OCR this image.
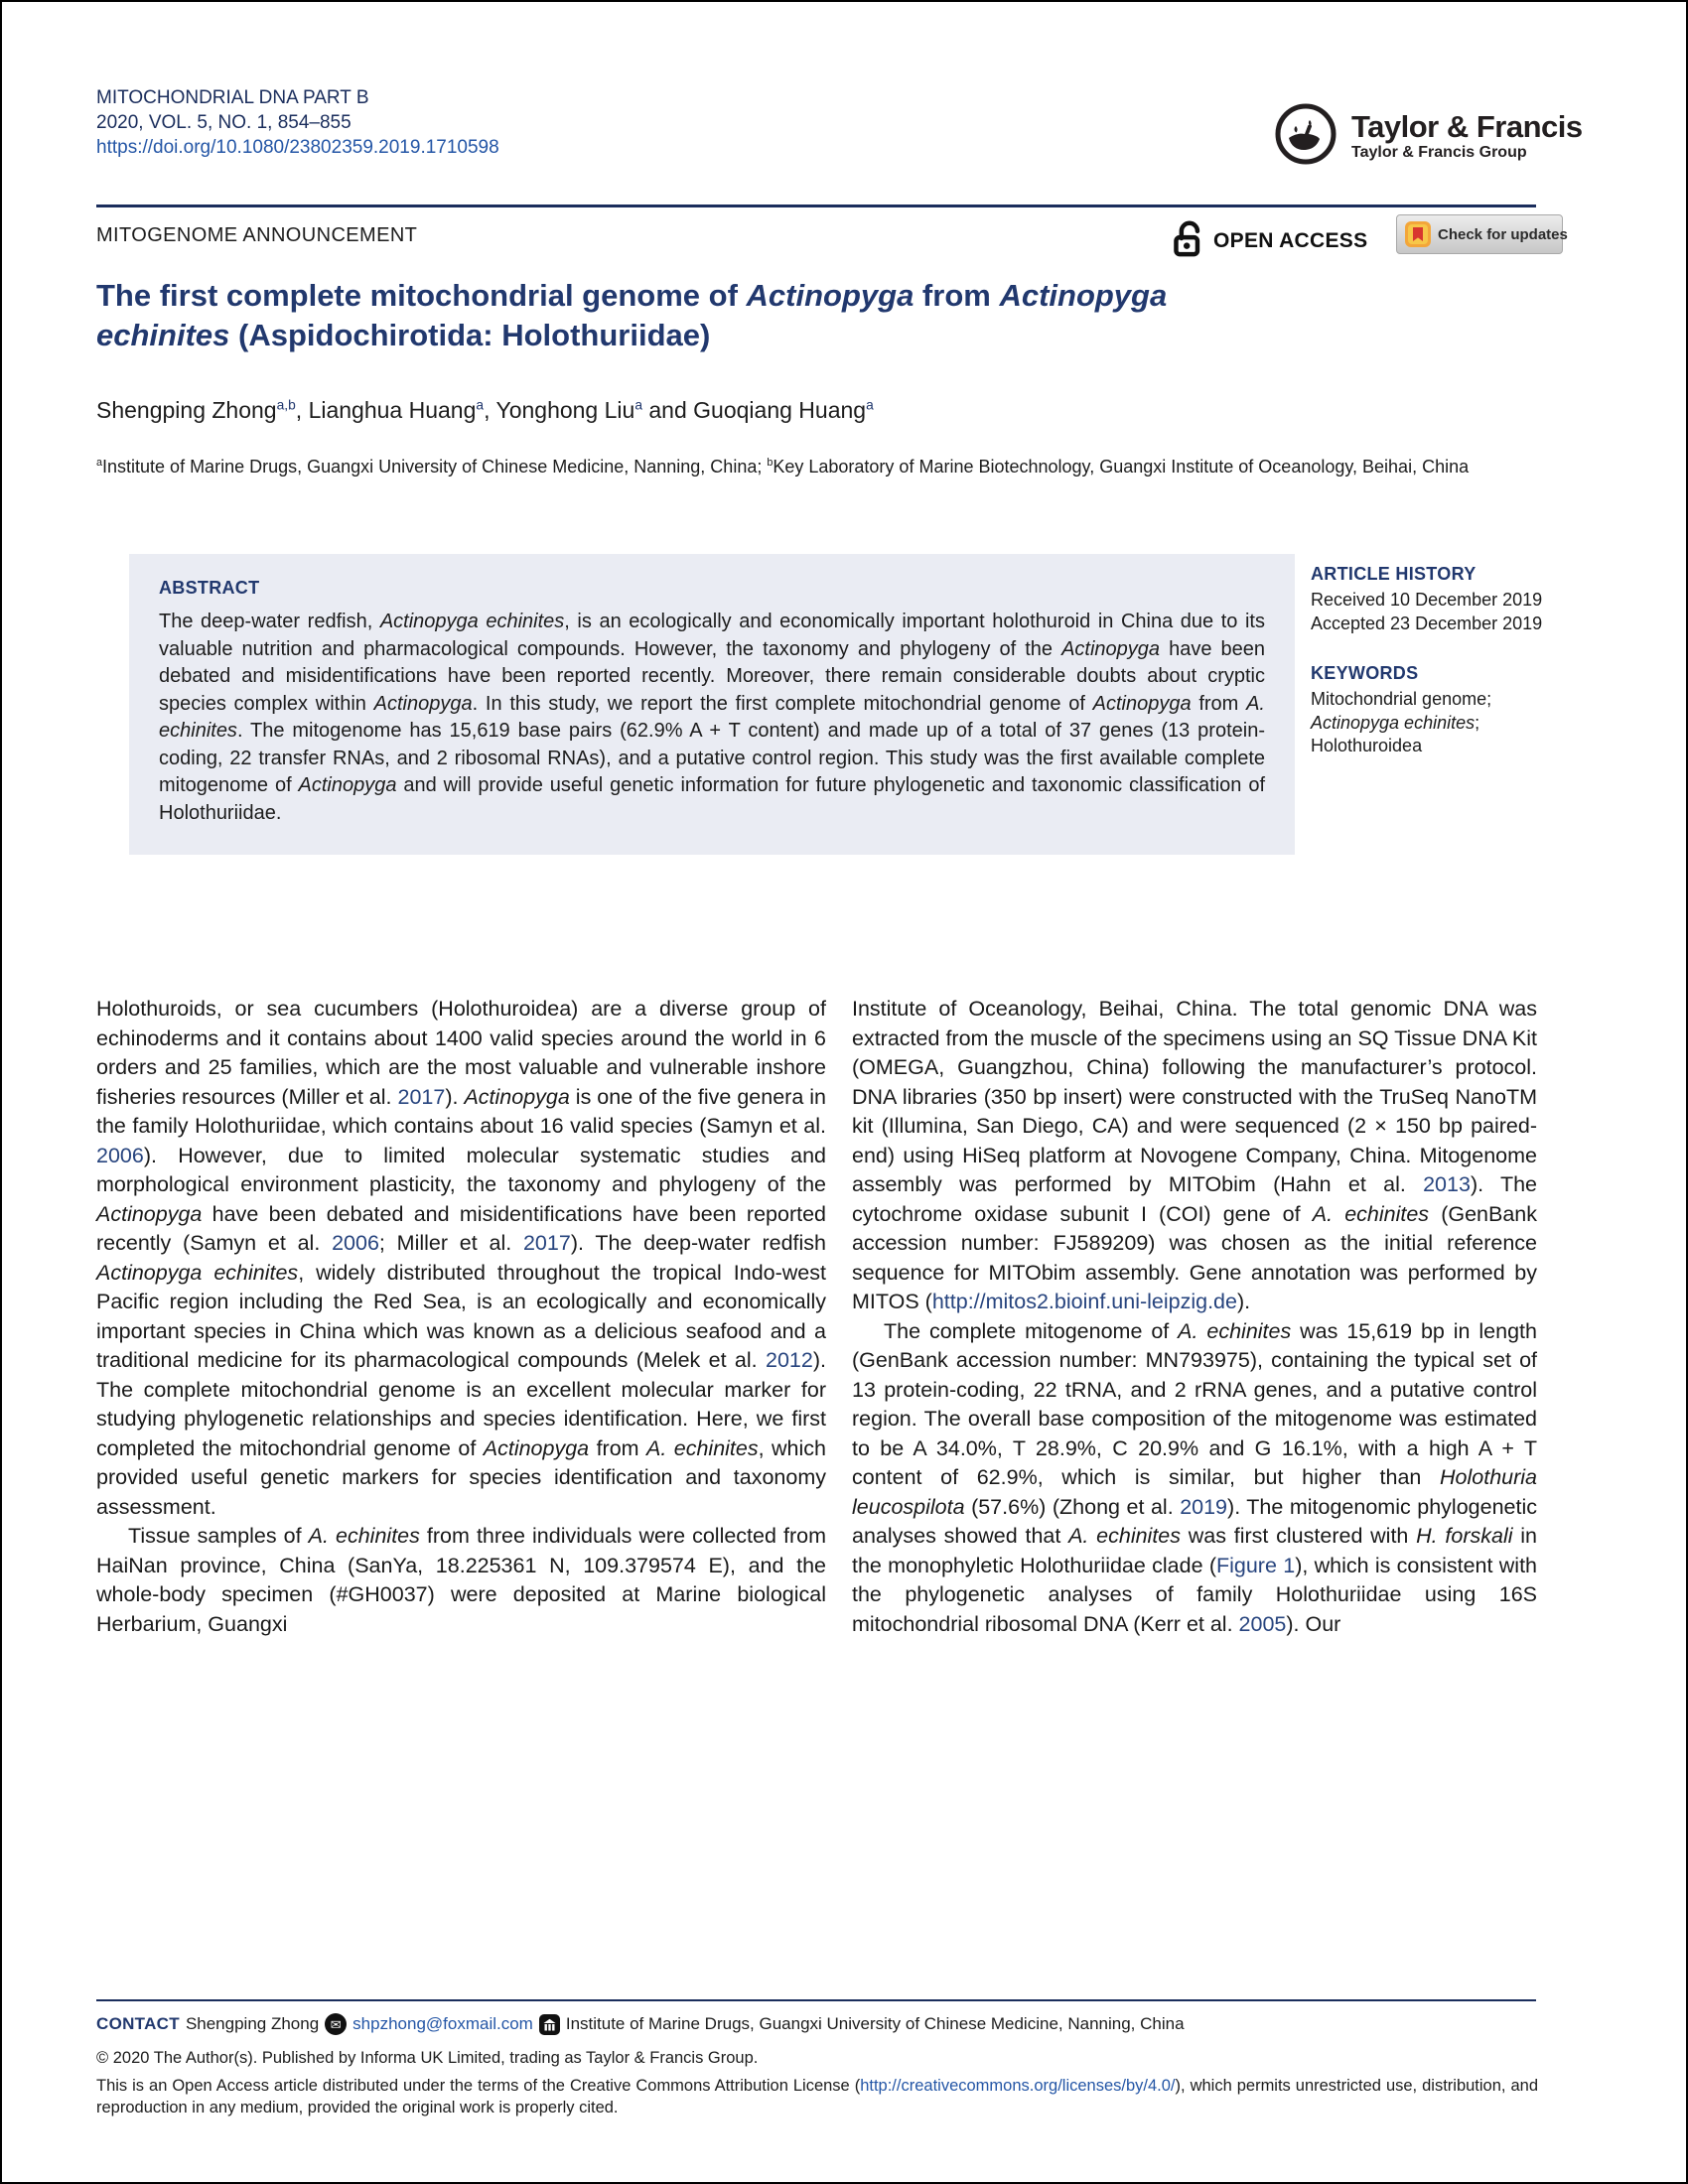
MITOCHONDRIAL DNA PART B
2020, VOL. 5, NO. 1, 854–855
https://doi.org/10.1080/23802359.2019.1710598
Taylor & Francis
Taylor & Francis Group
MITOGENOME ANNOUNCEMENT	OPEN ACCESS	Check for updates
The first complete mitochondrial genome of Actinopyga from Actinopyga
echinites (Aspidochirotida: Holothuriidae)
Shengping Zhong$^{a,b}$, Lianghua Huang$^a$, Yonghong Liu$^a$ and Guoqiang Huang$^a$
$^a$Institute of Marine Drugs, Guangxi University of Chinese Medicine, Nanning, China; $^b$Key Laboratory of Marine Biotechnology, Guangxi Institute of Oceanology, Beihai, China
ABSTRACT
The deep-water redfish, Actinopyga echinites, is an ecologically and economically important holothuroid in China due to its valuable nutrition and pharmacological compounds. However, the taxonomy and phylogeny of the Actinopyga have been debated and misidentifications have been reported recently. Moreover, there remain considerable doubts about cryptic species complex within Actinopyga. In this study, we report the first complete mitochondrial genome of Actinopyga from A. echinites. The mitogenome has 15,619 base pairs (62.9% A + T content) and made up of a total of 37 genes (13 protein-coding, 22 transfer RNAs, and 2 ribosomal RNAs), and a putative control region. This study was the first available complete mitogenome of Actinopyga and will provide useful genetic information for future phylogenetic and taxonomic classification of Holothuriidae.
ARTICLE HISTORY
Received 10 December 2019
Accepted 23 December 2019
KEYWORDS
Mitochondrial genome; Actinopyga echinites; Holothuroidea

Holothuroids, or sea cucumbers (Holothuroidea) are a diverse group of echinoderms and it contains about 1400 valid species around the world in 6 orders and 25 families, which are the most valuable and vulnerable inshore fisheries resources (Miller et al. 2017). Actinopyga is one of the five genera in the family Holothuriidae, which contains about 16 valid species (Samyn et al. 2006). However, due to limited molecular systematic studies and morphological environment plasticity, the taxonomy and phylogeny of the Actinopyga have been debated and misidentifications have been reported recently (Samyn et al. 2006; Miller et al. 2017). The deep-water redfish Actinopyga echinites, widely distributed throughout the tropical Indo-west Pacific region including the Red Sea, is an ecologically and economically important species in China which was known as a delicious seafood and a traditional medicine for its pharmacological compounds (Melek et al. 2012). The complete mitochondrial genome is an excellent molecular marker for studying phylogenetic relationships and species identification. Here, we first completed the mitochondrial genome of Actinopyga from A. echinites, which provided useful genetic markers for species identification and taxonomy assessment.

Tissue samples of A. echinites from three individuals were collected from HaiNan province, China (SanYa, 18.225361 N, 109.379574 E), and the whole-body specimen (#GH0037) were deposited at Marine biological Herbarium, Guangxi

Institute of Oceanology, Beihai, China. The total genomic DNA was extracted from the muscle of the specimens using an SQ Tissue DNA Kit (OMEGA, Guangzhou, China) following the manufacturer’s protocol. DNA libraries (350 bp insert) were constructed with the TruSeq NanoTM kit (Illumina, San Diego, CA) and were sequenced (2 × 150 bp paired-end) using HiSeq platform at Novogene Company, China. Mitogenome assembly was performed by MITObim (Hahn et al. 2013). The cytochrome oxidase subunit I (COI) gene of A. echinites (GenBank accession number: FJ589209) was chosen as the initial reference sequence for MITObim assembly. Gene annotation was performed by MITOS (http://mitos2.bioinf.uni-leipzig.de).

The complete mitogenome of A. echinites was 15,619 bp in length (GenBank accession number: MN793975), containing the typical set of 13 protein-coding, 22 tRNA, and 2 rRNA genes, and a putative control region. The overall base composition of the mitogenome was estimated to be A 34.0%, T 28.9%, C 20.9% and G 16.1%, with a high A + T content of 62.9%, which is similar, but higher than Holothuria leucospilota (57.6%) (Zhong et al. 2019). The mitogenomic phylogenetic analyses showed that A. echinites was first clustered with H. forskali in the monophyletic Holothuriidae clade (Figure 1), which is consistent with the phylogenetic analyses of family Holothuriidae using 16S mitochondrial ribosomal DNA (Kerr et al. 2005). Our

CONTACT Shengping Zhong ✉ shpzhong@foxmail.com Institute of Marine Drugs, Guangxi University of Chinese Medicine, Nanning, China
© 2020 The Author(s). Published by Informa UK Limited, trading as Taylor & Francis Group.
This is an Open Access article distributed under the terms of the Creative Commons Attribution License (http://creativecommons.org/licenses/by/4.0/), which permits unrestricted use, distribution, and reproduction in any medium, provided the original work is properly cited.
